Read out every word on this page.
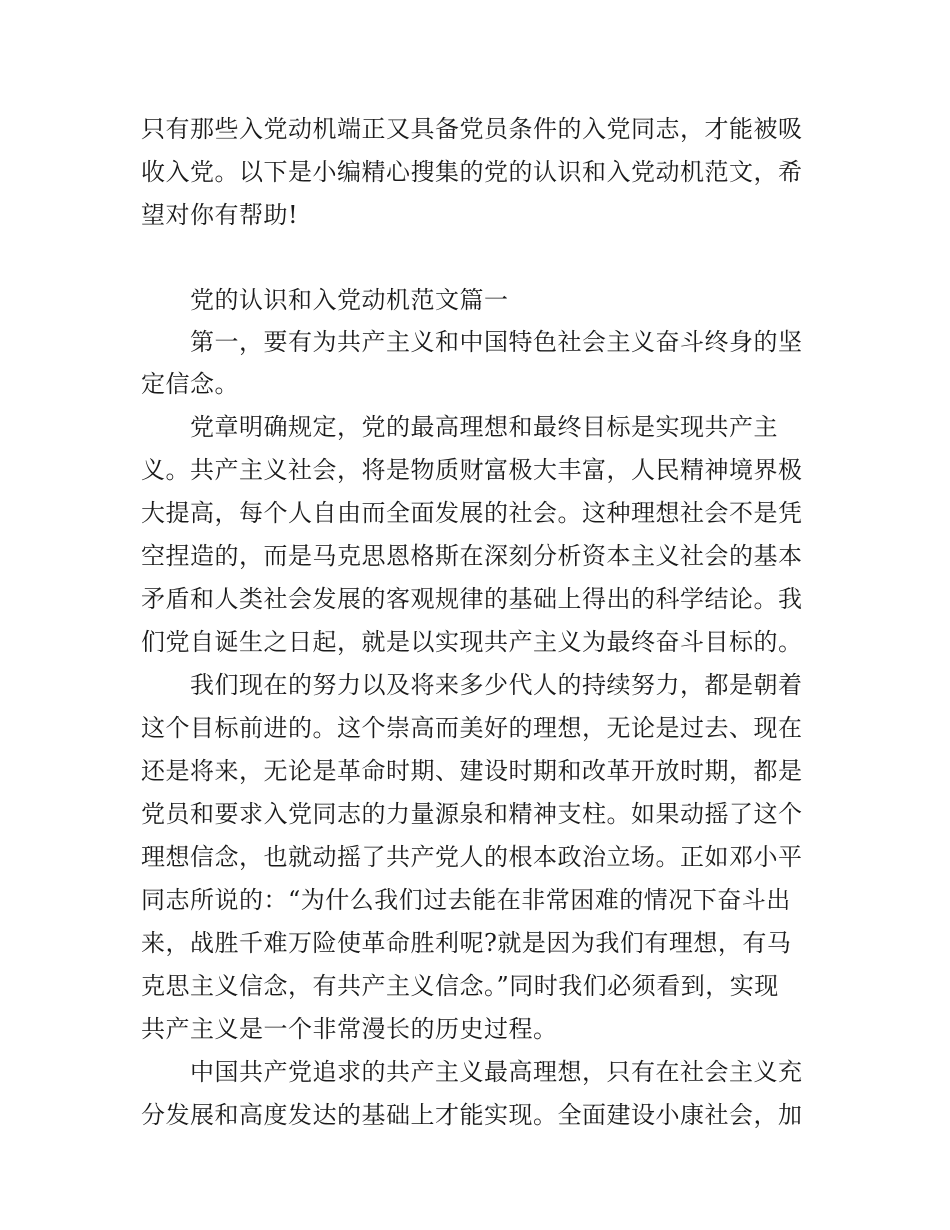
只有那些入党动机端正又具备党员条件的入党同志，才能被吸
收入党。以下是小编精心搜集的党的认识和入党动机范文，希
望对你有帮助!
党的认识和入党动机范文篇一
第一，要有为共产主义和中国特色社会主义奋斗终身的坚
定信念。
党章明确规定，党的最高理想和最终目标是实现共产主
义。共产主义社会，将是物质财富极大丰富，人民精神境界极
大提高，每个人自由而全面发展的社会。这种理想社会不是凭
空捏造的，而是马克思恩格斯在深刻分析资本主义社会的基本
矛盾和人类社会发展的客观规律的基础上得出的科学结论。我
们党自诞生之日起，就是以实现共产主义为最终奋斗目标的。
我们现在的努力以及将来多少代人的持续努力，都是朝着
这个目标前进的。这个崇高而美好的理想，无论是过去、现在
还是将来，无论是革命时期、建设时期和改革开放时期，都是
党员和要求入党同志的力量源泉和精神支柱。如果动摇了这个
理想信念，也就动摇了共产党人的根本政治立场。正如邓小平
同志所说的：“为什么我们过去能在非常困难的情况下奋斗出
来，战胜千难万险使革命胜利呢?就是因为我们有理想，有马
克思主义信念，有共产主义信念。”同时我们必须看到，实现
共产主义是一个非常漫长的历史过程。
中国共产党追求的共产主义最高理想，只有在社会主义充
分发展和高度发达的基础上才能实现。全面建设小康社会，加
